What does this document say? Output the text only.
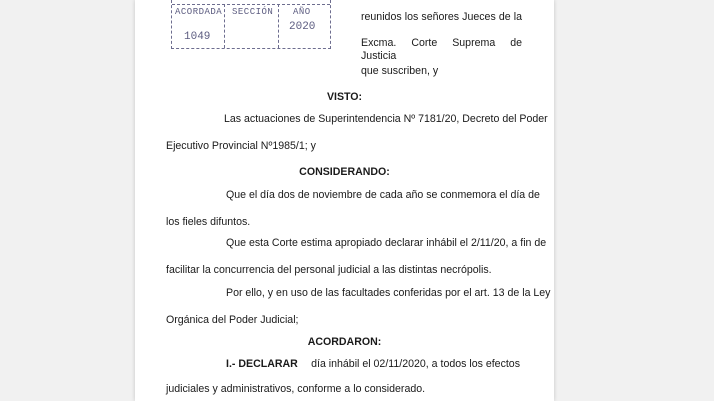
ACORDADA
1049
SECCIÓN AÑO
2020
reunidos los señores Jueces de la
Excma. Corte Suprema de Justicia
que suscriben, y
VISTO:
Las actuaciones de Superintendencia Nº 7181/20, Decreto del Poder
Ejecutivo Provincial Nº1985/1; y
CONSIDERANDO:
Que el día dos de noviembre de cada año se conmemora el día de
los fieles difuntos.
Que esta Corte estima apropiado declarar inhábil el 2/11/20, a fin de
facilitar la concurrencia del personal judicial a las distintas necrópolis.
Por ello, y en uso de las facultades conferidas por el art. 13 de la Ley
Orgánica del Poder Judicial;
ACORDARON:
I.- DECLARAR día inhábil el 02/11/2020, a todos los efectos
judiciales y administrativos, conforme a lo considerado.
